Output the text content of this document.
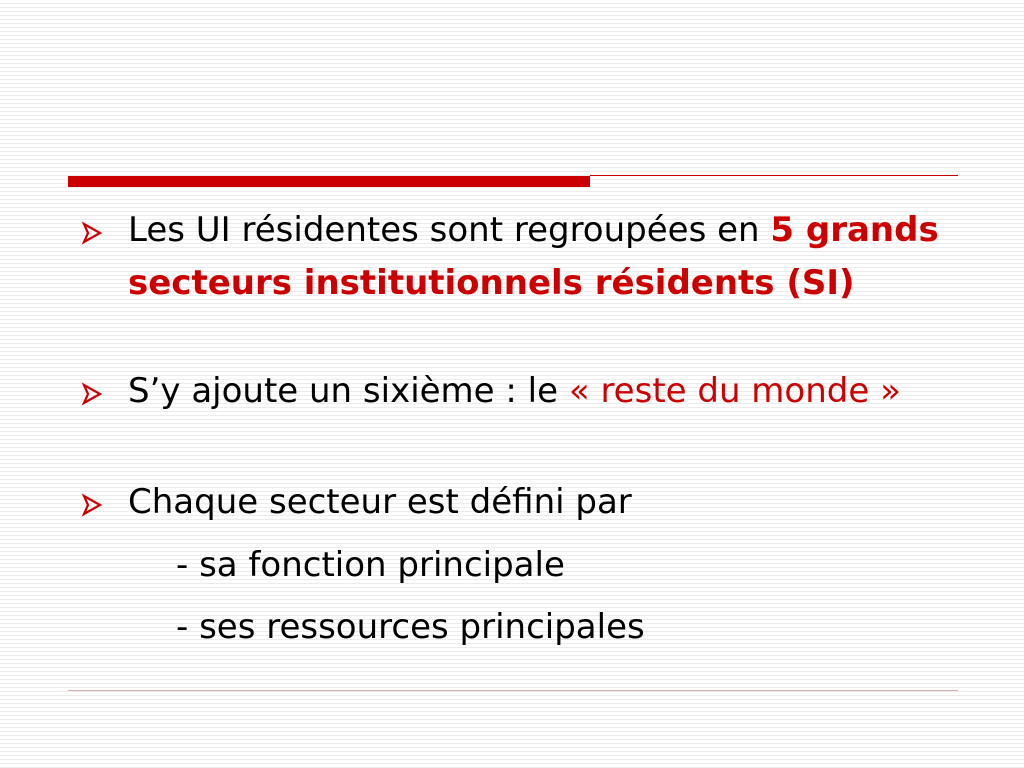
Les UI résidentes sont regroupées en 5 grands secteurs institutionnels résidents (SI)
S’y ajoute un sixième : le « reste du monde »
Chaque secteur est défini par
- sa fonction principale
- ses ressources principales
